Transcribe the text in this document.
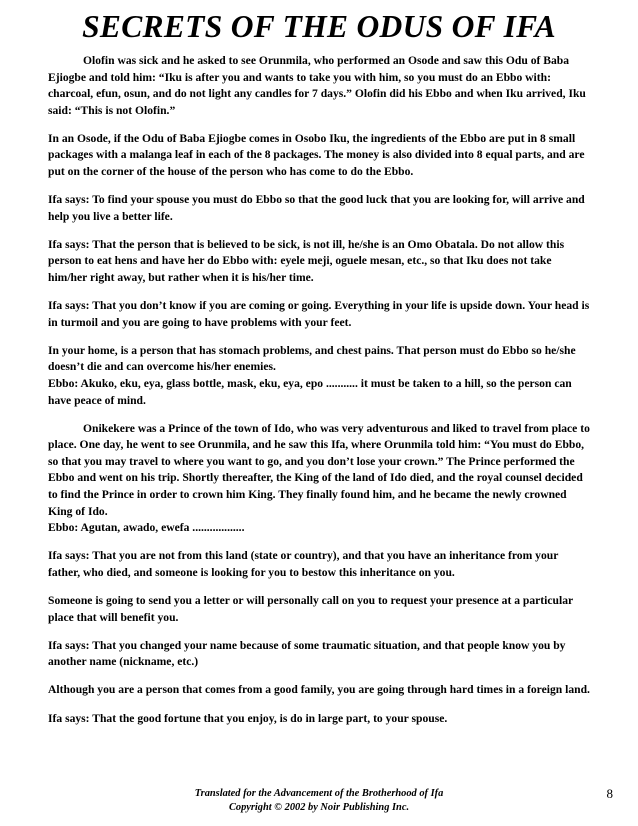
SECRETS OF THE ODUS OF IFA

Olofin was sick and he asked to see Orunmila, who performed an Osode and saw this Odu of Baba Ejiogbe and told him: “Iku is after you and wants to take you with him, so you must do an Ebbo with: charcoal, efun, osun, and do not light any candles for 7 days.” Olofin did his Ebbo and when Iku arrived, Iku said: “This is not Olofin.”

In an Osode, if the Odu of Baba Ejiogbe comes in Osobo Iku, the ingredients of the Ebbo are put in 8 small packages with a malanga leaf in each of the 8 packages. The money is also divided into 8 equal parts, and are put on the corner of the house of the person who has come to do the Ebbo.

Ifa says: To find your spouse you must do Ebbo so that the good luck that you are looking for, will arrive and help you live a better life.

Ifa says: That the person that is believed to be sick, is not ill, he/she is an Omo Obatala. Do not allow this person to eat hens and have her do Ebbo with: eyele meji, oguele mesan, etc., so that Iku does not take him/her right away, but rather when it is his/her time.

Ifa says: That you don’t know if you are coming or going. Everything in your life is upside down. Your head is in turmoil and you are going to have problems with your feet.

In your home, is a person that has stomach problems, and chest pains. That person must do Ebbo so he/she doesn’t die and can overcome his/her enemies.
Ebbo: Akuko, eku, eya, glass bottle, mask, eku, eya, epo ........... it must be taken to a hill, so the person can have peace of mind.

Onikekere was a Prince of the town of Ido, who was very adventurous and liked to travel from place to place. One day, he went to see Orunmila, and he saw this Ifa, where Orunmila told him: “You must do Ebbo, so that you may travel to where you want to go, and you don’t lose your crown.” The Prince performed the Ebbo and went on his trip. Shortly thereafter, the King of the land of Ido died, and the royal counsel decided to find the Prince in order to crown him King. They finally found him, and he became the newly crowned King of Ido.
Ebbo: Agutan, awado, ewefa ..................

Ifa says: That you are not from this land (state or country), and that you have an inheritance from your father, who died, and someone is looking for you to bestow this inheritance on you.

Someone is going to send you a letter or will personally call on you to request your presence at a particular place that will benefit you.

Ifa says: That you changed your name because of some traumatic situation, and that people know you by another name (nickname, etc.)

Although you are a person that comes from a good family, you are going through hard times in a foreign land.

Ifa says: That the good fortune that you enjoy, is do in large part, to your spouse.

Translated for the Advancement of the Brotherhood of Ifa
Copyright © 2002 by Noir Publishing Inc.
8
